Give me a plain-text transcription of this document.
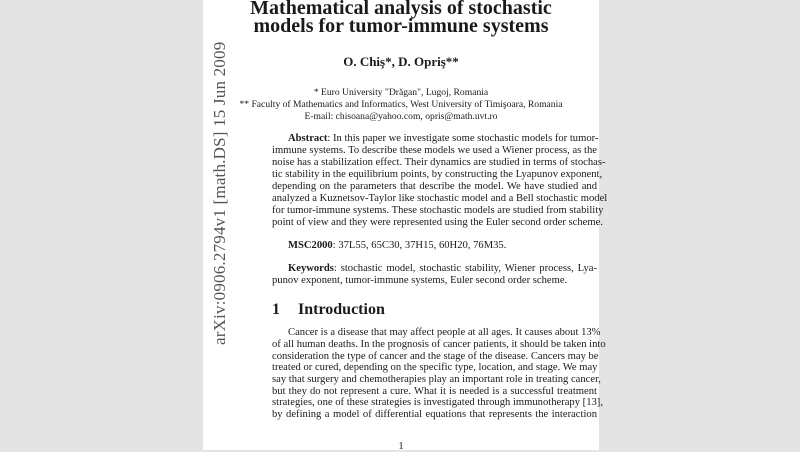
arXiv:0906.2794v1 [math.DS] 15 Jun 2009
Mathematical analysis of stochastic
models for tumor-immune systems
O. Chiş*, D. Opriş**
* Euro University "Drăgan", Lugoj, Romania
** Faculty of Mathematics and Informatics, West University of Timişoara, Romania
E-mail: chisoana@yahoo.com, opris@math.uvt.ro
Abstract: In this paper we investigate some stochastic models for tumor-
immune systems. To describe these models we used a Wiener process, as the
noise has a stabilization effect. Their dynamics are studied in terms of stochas-
tic stability in the equilibrium points, by constructing the Lyapunov exponent,
depending on the parameters that describe the model. We have studied and
analyzed a Kuznetsov-Taylor like stochastic model and a Bell stochastic model
for tumor-immune systems. These stochastic models are studied from stability
point of view and they were represented using the Euler second order scheme.
MSC2000: 37L55, 65C30, 37H15, 60H20, 76M35.
Keywords: stochastic model, stochastic stability, Wiener process, Lya-
punov exponent, tumor-immune systems, Euler second order scheme.
1 Introduction
Cancer is a disease that may affect people at all ages. It causes about 13%
of all human deaths. In the prognosis of cancer patients, it should be taken into
consideration the type of cancer and the stage of the disease. Cancers may be
treated or cured, depending on the specific type, location, and stage. We may
say that surgery and chemotherapies play an important role in treating cancer,
but they do not represent a cure. What it is needed is a successful treatment
strategies, one of these strategies is investigated through immunotherapy [13],
by defining a model of differential equations that represents the interaction
1
